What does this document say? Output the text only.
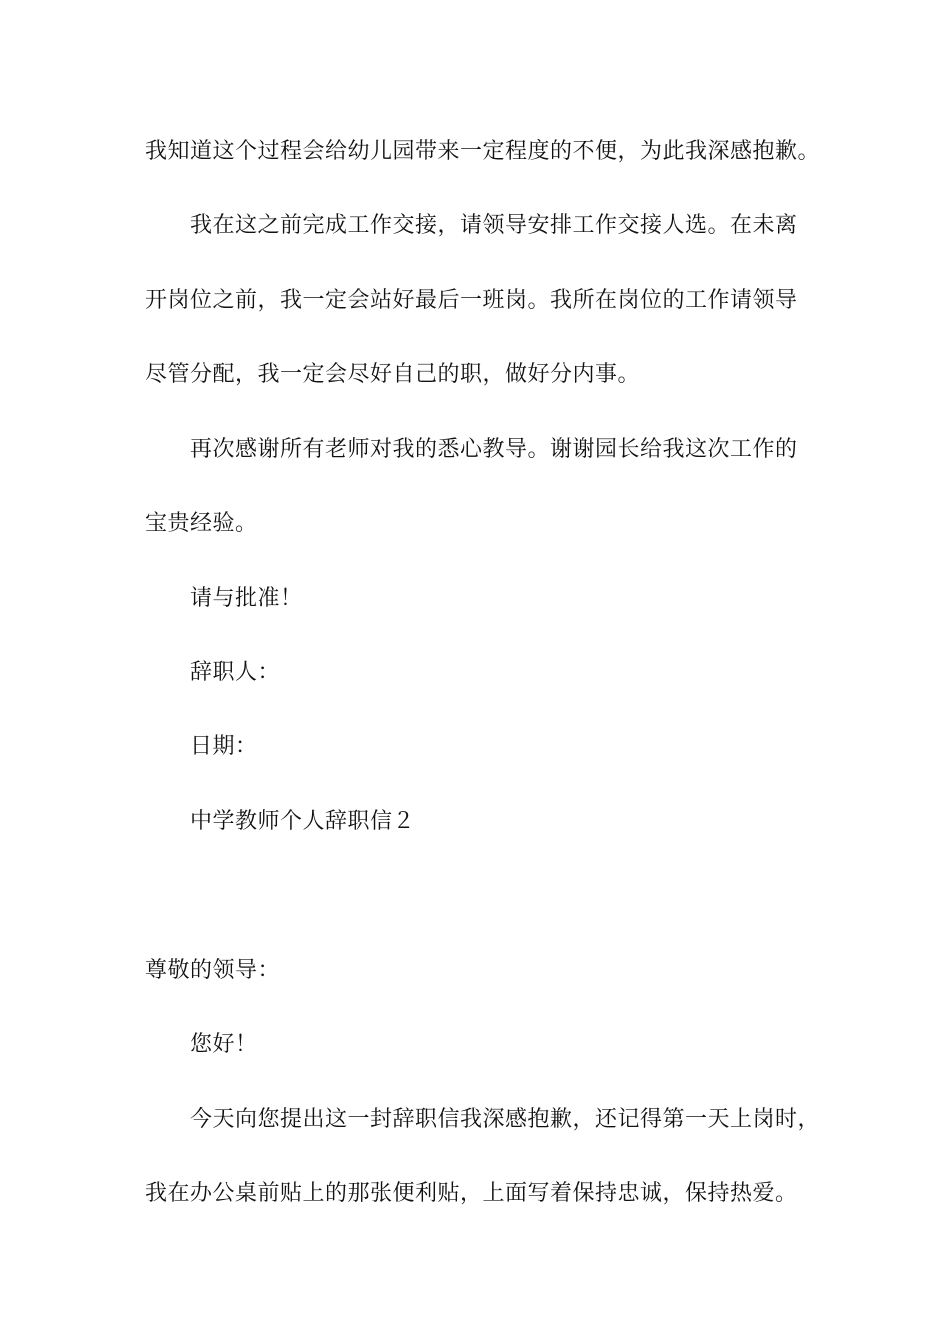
我知道这个过程会给幼儿园带来一定程度的不便，为此我深感抱歉。
我在这之前完成工作交接，请领导安排工作交接人选。在未离
开岗位之前，我一定会站好最后一班岗。我所在岗位的工作请领导
尽管分配，我一定会尽好自己的职，做好分内事。
再次感谢所有老师对我的悉心教导。谢谢园长给我这次工作的
宝贵经验。
请与批准！
辞职人：
日期：
中学教师个人辞职信２
尊敬的领导：
您好！
今天向您提出这一封辞职信我深感抱歉，还记得第一天上岗时，
我在办公桌前贴上的那张便利贴，上面写着保持忠诚，保持热爱。
